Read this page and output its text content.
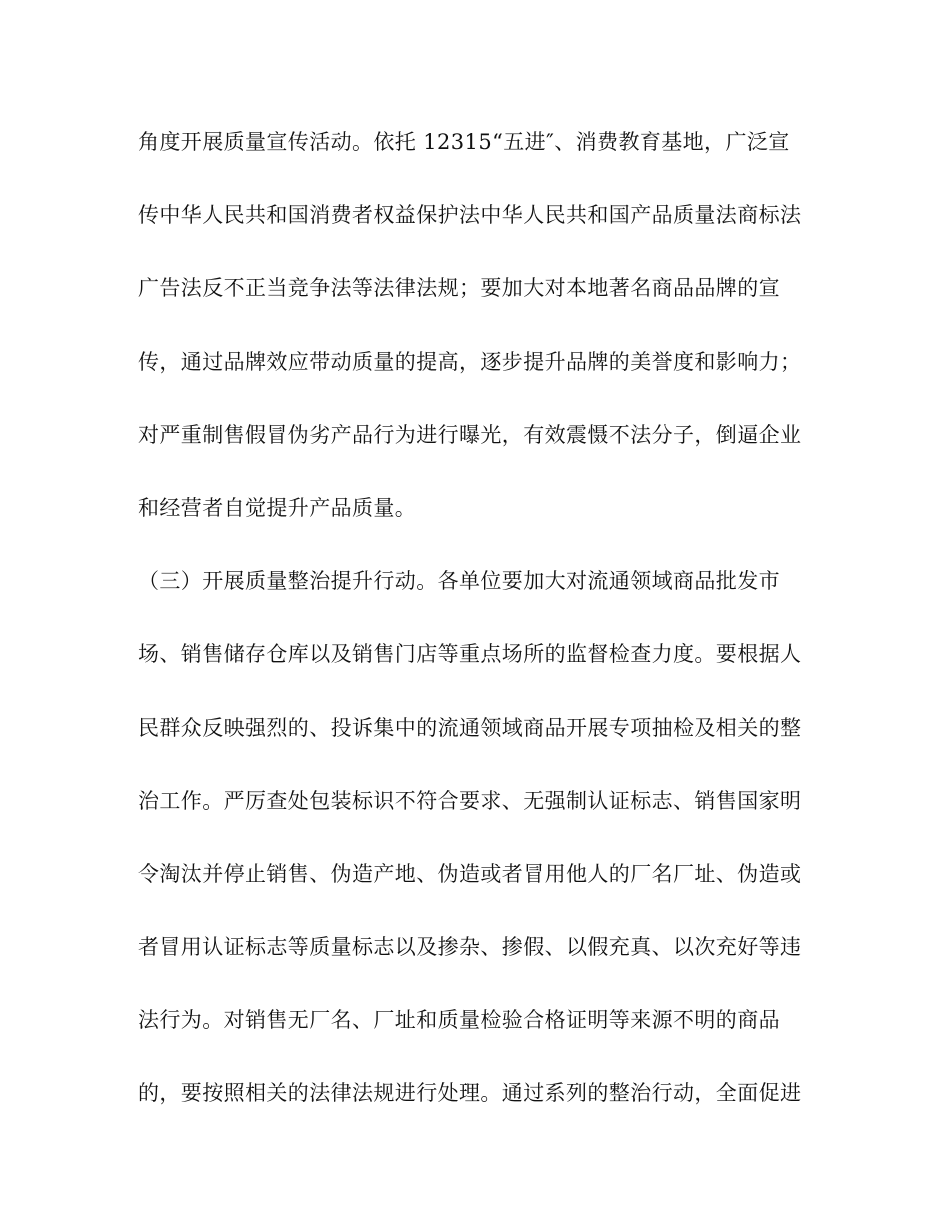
角度开展质量宣传活动。依托 12315“五进″、消费教育基地，广泛宣
传中华人民共和国消费者权益保护法中华人民共和国产品质量法商标法
广告法反不正当竞争法等法律法规；要加大对本地著名商品品牌的宣
传，通过品牌效应带动质量的提高，逐步提升品牌的美誉度和影响力；
对严重制售假冒伪劣产品行为进行曝光，有效震慑不法分子，倒逼企业
和经营者自觉提升产品质量。
（三）开展质量整治提升行动。各单位要加大对流通领域商品批发市
场、销售储存仓库以及销售门店等重点场所的监督检查力度。要根据人
民群众反映强烈的、投诉集中的流通领域商品开展专项抽检及相关的整
治工作。严厉查处包装标识不符合要求、无强制认证标志、销售国家明
令淘汰并停止销售、伪造产地、伪造或者冒用他人的厂名厂址、伪造或
者冒用认证标志等质量标志以及掺杂、掺假、以假充真、以次充好等违
法行为。对销售无厂名、厂址和质量检验合格证明等来源不明的商品
的，要按照相关的法律法规进行处理。通过系列的整治行动，全面促进
